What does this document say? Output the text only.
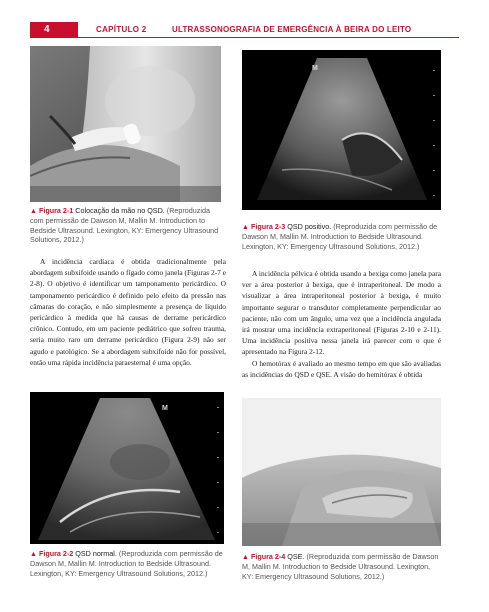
4	CAPÍTULO 2	ULTRASSONOGRAFIA DE EMERGÊNCIA À BEIRA DO LEITO
▲ Figura 2-1 Colocação da mão no QSD. (Reproduzida com permissão de Dawson M, Mallin M. Introduction to Bedside Ultrasound. Lexington, KY: Emergency Ultrasound Solutions, 2012.)
M
▲ Figura 2-3 QSD positivo. (Reproduzida com permissão de Dawson M, Mallin M. Introduction to Bedside Ultrasound. Lexington, KY: Emergency Ultrasound Solutions, 2012.)

A incidência cardíaca é obtida tradicionalmente pela abordagem subxifoide usando o fígado como janela (Figuras 2-7 e 2-8). O objetivo é identificar um tamponamento pericárdico. O tamponamento pericárdico é definido pelo efeito da pressão nas câmaras do coração, e não simplesmente a presença de líquido pericárdico à medida que há causas de derrame pericárdico crônico. Contudo, em um paciente pediátrico que sofreu trauma, seria muito raro um derrame pericárdico (Figura 2-9) não ser agudo e patológico. Se a abordagem subxifoide não for possível, então uma rápida incidência paraesternal é uma opção.

A incidência pélvica é obtida usando a bexiga como janela para ver a área posterior à bexiga, que é intraperitoneal. De modo a visualizar a área intraperitoneal posterior à bexiga, é muito importante segurar o transdutor completamente perpendicular ao paciente, não com um ângulo, uma vez que a incidência angulada irá mostrar uma incidência extraperitoneal (Figuras 2-10 e 2-11). Uma incidência positiva nessa janela irá parecer com o que é apresentado na Figura 2-12.

O hemotórax é avaliado ao mesmo tempo em que são avaliadas as incidências do QSD e QSE. A visão do hemitórax é obtida

M
▲ Figura 2-2 QSD normal. (Reproduzida com permissão de Dawson M, Mallin M. Introduction to Bedside Ultrasound. Lexington, KY: Emergency Ultrasound Solutions, 2012.)
▲ Figura 2-4 QSE. (Reproduzida com permissão de Dawson M, Mallin M. Introduction to Bedside Ultrasound. Lexington, KY: Emergency Ultrasound Solutions, 2012.)
